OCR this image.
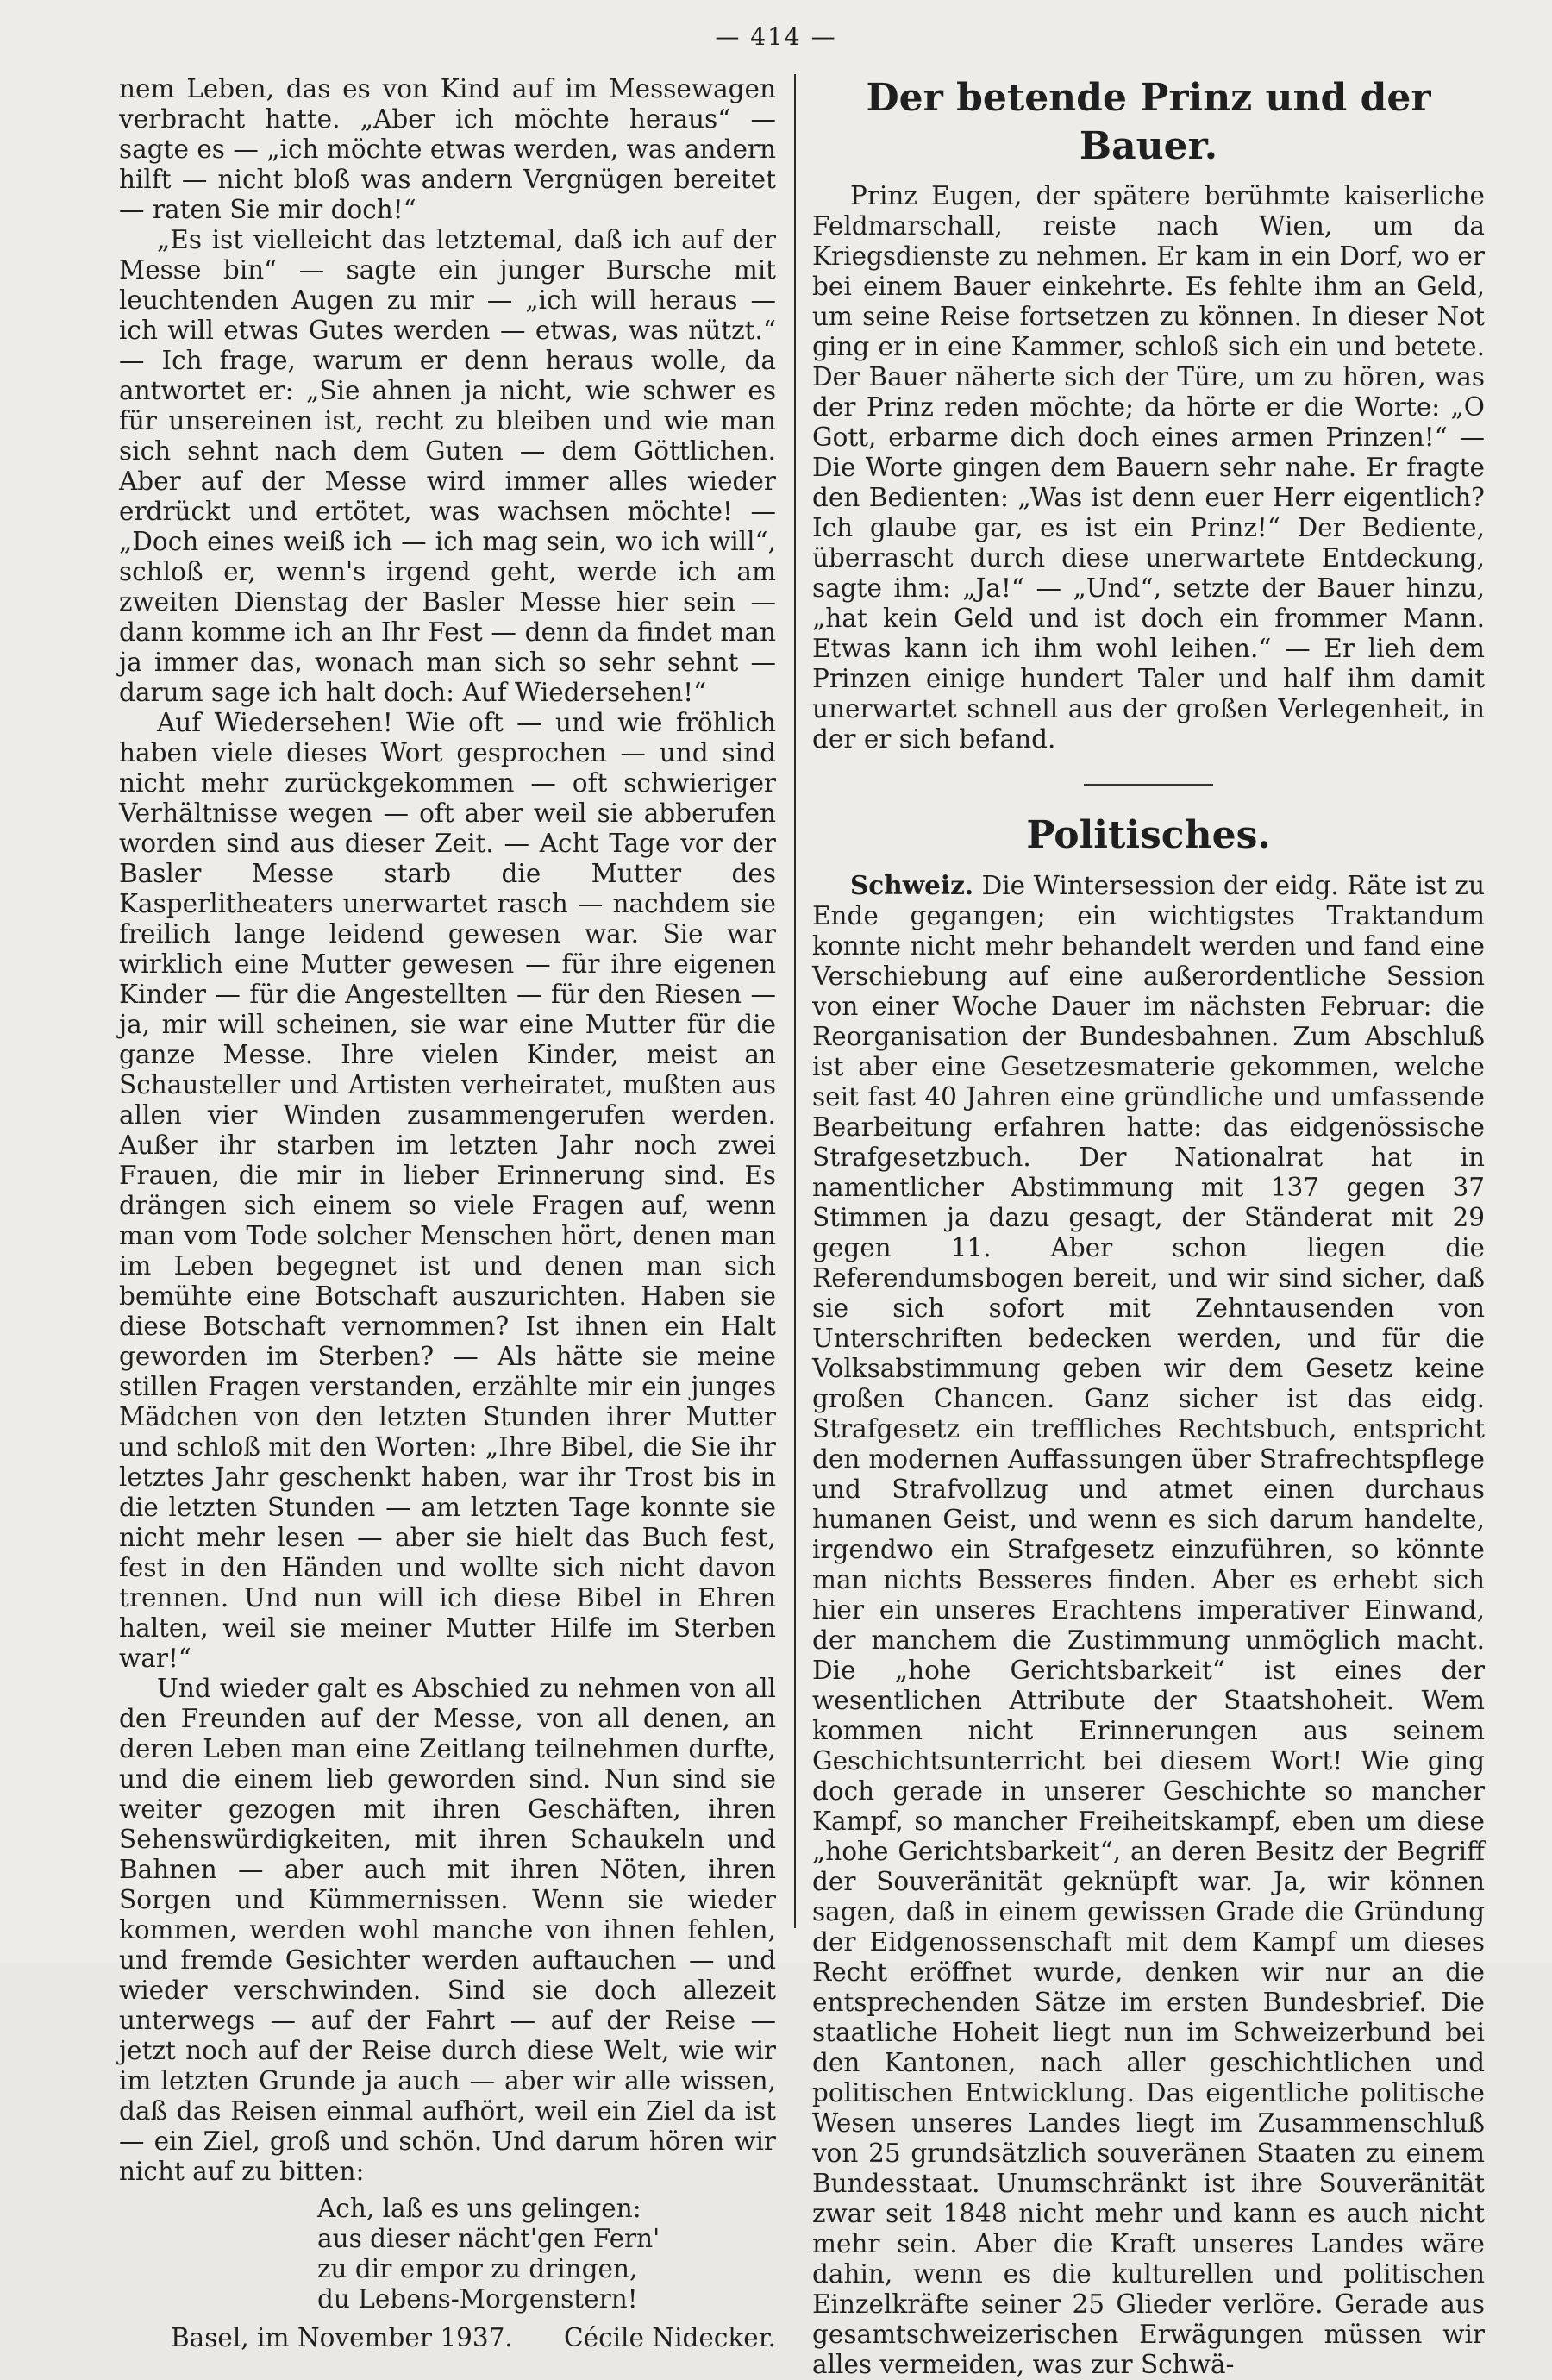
— 414 —

nem Leben, das es von Kind auf im Messewagen verbracht hatte. „Aber ich möchte heraus“ — sagte es — „ich möchte etwas werden, was andern hilft — nicht bloß was andern Vergnügen bereitet — raten Sie mir doch!“

„Es ist vielleicht das letztemal, daß ich auf der Messe bin“ — sagte ein junger Bursche mit leuchtenden Augen zu mir — „ich will heraus — ich will etwas Gutes werden — etwas, was nützt.“ — Ich frage, warum er denn heraus wolle, da antwortet er: „Sie ahnen ja nicht, wie schwer es für unsereinen ist, recht zu bleiben und wie man sich sehnt nach dem Guten — dem Göttlichen. Aber auf der Messe wird immer alles wieder erdrückt und ertötet, was wachsen möchte! — „Doch eines weiß ich — ich mag sein, wo ich will“, schloß er, wenn's irgend geht, werde ich am zweiten Dienstag der Basler Messe hier sein — dann komme ich an Ihr Fest — denn da findet man ja immer das, wonach man sich so sehr sehnt — darum sage ich halt doch: Auf Wiedersehen!“

Auf Wiedersehen! Wie oft — und wie fröhlich haben viele dieses Wort gesprochen — und sind nicht mehr zurückgekommen — oft schwieriger Verhältnisse wegen — oft aber weil sie abberufen worden sind aus dieser Zeit. — Acht Tage vor der Basler Messe starb die Mutter des Kasperlitheaters unerwartet rasch — nachdem sie freilich lange leidend gewesen war. Sie war wirklich eine Mutter gewesen — für ihre eigenen Kinder — für die Angestellten — für den Riesen — ja, mir will scheinen, sie war eine Mutter für die ganze Messe. Ihre vielen Kinder, meist an Schausteller und Artisten verheiratet, mußten aus allen vier Winden zusammengerufen werden. Außer ihr starben im letzten Jahr noch zwei Frauen, die mir in lieber Erinnerung sind. Es drängen sich einem so viele Fragen auf, wenn man vom Tode solcher Menschen hört, denen man im Leben begegnet ist und denen man sich bemühte eine Botschaft auszurichten. Haben sie diese Botschaft vernommen? Ist ihnen ein Halt geworden im Sterben? — Als hätte sie meine stillen Fragen verstanden, erzählte mir ein junges Mädchen von den letzten Stunden ihrer Mutter und schloß mit den Worten: „Ihre Bibel, die Sie ihr letztes Jahr geschenkt haben, war ihr Trost bis in die letzten Stunden — am letzten Tage konnte sie nicht mehr lesen — aber sie hielt das Buch fest, fest in den Händen und wollte sich nicht davon trennen. Und nun will ich diese Bibel in Ehren halten, weil sie meiner Mutter Hilfe im Sterben war!“

Und wieder galt es Abschied zu nehmen von all den Freunden auf der Messe, von all denen, an deren Leben man eine Zeitlang teilnehmen durfte, und die einem lieb geworden sind. Nun sind sie weiter gezogen mit ihren Geschäften, ihren Sehenswürdigkeiten, mit ihren Schaukeln und Bahnen — aber auch mit ihren Nöten, ihren Sorgen und Kümmernissen. Wenn sie wieder kommen, werden wohl manche von ihnen fehlen, und fremde Gesichter werden auftauchen — und wieder verschwinden. Sind sie doch allezeit unterwegs — auf der Fahrt — auf der Reise — jetzt noch auf der Reise durch diese Welt, wie wir im letzten Grunde ja auch — aber wir alle wissen, daß das Reisen einmal aufhört, weil ein Ziel da ist — ein Ziel, groß und schön. Und darum hören wir nicht auf zu bitten:

Ach, laß es uns gelingen:
aus dieser nächt'gen Fern'
zu dir empor zu dringen,
du Lebens-Morgenstern!
Basel, im November 1937. Cécile Nidecker.
Der betende Prinz und der Bauer.

Prinz Eugen, der spätere berühmte kaiserliche Feldmarschall, reiste nach Wien, um da Kriegsdienste zu nehmen. Er kam in ein Dorf, wo er bei einem Bauer einkehrte. Es fehlte ihm an Geld, um seine Reise fortsetzen zu können. In dieser Not ging er in eine Kammer, schloß sich ein und betete. Der Bauer näherte sich der Türe, um zu hören, was der Prinz reden möchte; da hörte er die Worte: „O Gott, erbarme dich doch eines armen Prinzen!“ — Die Worte gingen dem Bauern sehr nahe. Er fragte den Bedienten: „Was ist denn euer Herr eigentlich? Ich glaube gar, es ist ein Prinz!“ Der Bediente, überrascht durch diese unerwartete Entdeckung, sagte ihm: „Ja!“ — „Und“, setzte der Bauer hinzu, „hat kein Geld und ist doch ein frommer Mann. Etwas kann ich ihm wohl leihen.“ — Er lieh dem Prinzen einige hundert Taler und half ihm damit unerwartet schnell aus der großen Verlegenheit, in der er sich befand.

Politisches.

Schweiz. Die Wintersession der eidg. Räte ist zu Ende gegangen; ein wichtigstes Traktandum konnte nicht mehr behandelt werden und fand eine Verschiebung auf eine außerordentliche Session von einer Woche Dauer im nächsten Februar: die Reorganisation der Bundesbahnen. Zum Abschluß ist aber eine Gesetzesmaterie gekommen, welche seit fast 40 Jahren eine gründliche und umfassende Bearbeitung erfahren hatte: das eidgenössische Strafgesetzbuch. Der Nationalrat hat in namentlicher Abstimmung mit 137 gegen 37 Stimmen ja dazu gesagt, der Ständerat mit 29 gegen 11. Aber schon liegen die Referendumsbogen bereit, und wir sind sicher, daß sie sich sofort mit Zehntausenden von Unterschriften bedecken werden, und für die Volksabstimmung geben wir dem Gesetz keine großen Chancen. Ganz sicher ist das eidg. Strafgesetz ein treffliches Rechtsbuch, entspricht den modernen Auffassungen über Strafrechtspflege und Strafvollzug und atmet einen durchaus humanen Geist, und wenn es sich darum handelte, irgendwo ein Strafgesetz einzuführen, so könnte man nichts Besseres finden. Aber es erhebt sich hier ein unseres Erachtens imperativer Einwand, der manchem die Zustimmung unmöglich macht. Die „hohe Gerichtsbarkeit“ ist eines der wesentlichen Attribute der Staatshoheit. Wem kommen nicht Erinnerungen aus seinem Geschichtsunterricht bei diesem Wort! Wie ging doch gerade in unserer Geschichte so mancher Kampf, so mancher Freiheitskampf, eben um diese „hohe Gerichtsbarkeit“, an deren Besitz der Begriff der Souveränität geknüpft war. Ja, wir können sagen, daß in einem gewissen Grade die Gründung der Eidgenossenschaft mit dem Kampf um dieses Recht eröffnet wurde, denken wir nur an die entsprechenden Sätze im ersten Bundesbrief. Die staatliche Hoheit liegt nun im Schweizerbund bei den Kantonen, nach aller geschichtlichen und politischen Entwicklung. Das eigentliche politische Wesen unseres Landes liegt im Zusammenschluß von 25 grundsätzlich souveränen Staaten zu einem Bundesstaat. Unumschränkt ist ihre Souveränität zwar seit 1848 nicht mehr und kann es auch nicht mehr sein. Aber die Kraft unseres Landes wäre dahin, wenn es die kulturellen und politischen Einzelkräfte seiner 25 Glieder verlöre. Gerade aus gesamtschweizerischen Erwägungen müssen wir alles vermeiden, was zur Schwä-
